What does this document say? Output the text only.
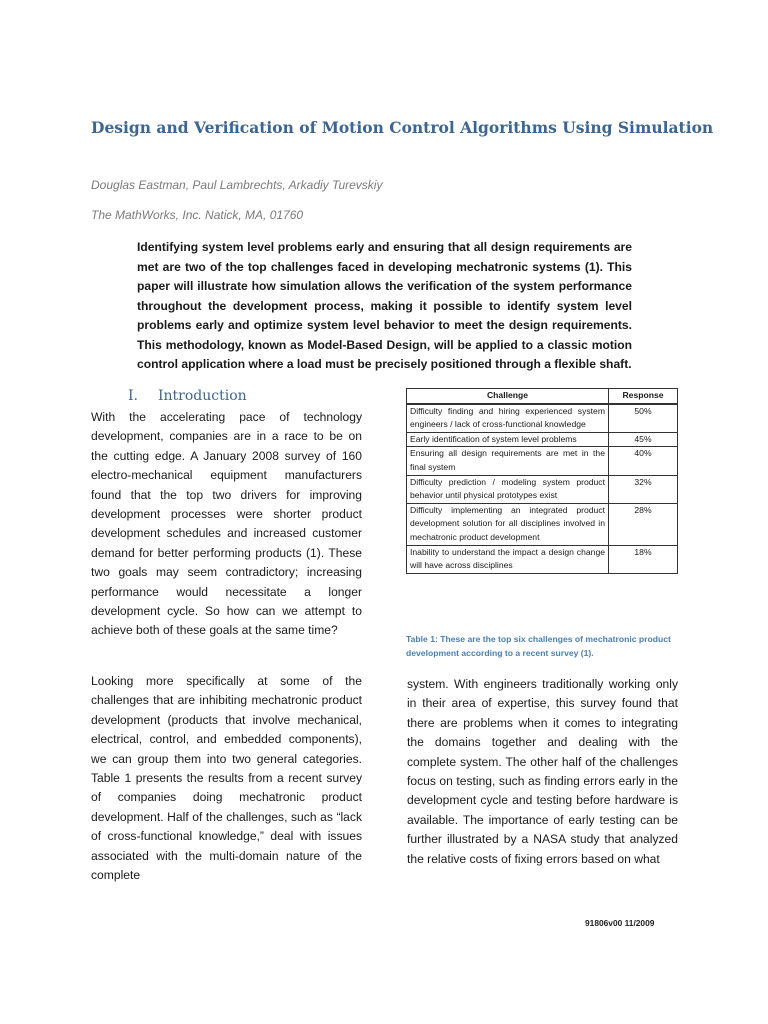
Design and Verification of Motion Control Algorithms Using Simulation
Douglas Eastman, Paul Lambrechts, Arkadiy Turevskiy
The MathWorks, Inc. Natick, MA, 01760

Identifying system level problems early and ensuring that all design requirements are met are two of the top challenges faced in developing mechatronic systems (1). This paper will illustrate how simulation allows the verification of the system performance throughout the development process, making it possible to identify system level problems early and optimize system level behavior to meet the design requirements. This methodology, known as Model-Based Design, will be applied to a classic motion control application where a load must be precisely positioned through a flexible shaft.

I. Introduction

With the accelerating pace of technology development, companies are in a race to be on the cutting edge. A January 2008 survey of 160 electro-mechanical equipment manufacturers found that the top two drivers for improving development processes were shorter product development schedules and increased customer demand for better performing products (1). These two goals may seem contradictory; increasing performance would necessitate a longer development cycle. So how can we attempt to achieve both of these goals at the same time?

Looking more specifically at some of the challenges that are inhibiting mechatronic product development (products that involve mechanical, electrical, control, and embedded components), we can group them into two general categories. Table 1 presents the results from a recent survey of companies doing mechatronic product development. Half of the challenges, such as “lack of cross-functional knowledge,” deal with issues associated with the multi-domain nature of the complete

system. With engineers traditionally working only in their area of expertise, this survey found that there are problems when it comes to integrating the domains together and dealing with the complete system. The other half of the challenges focus on testing, such as finding errors early in the development cycle and testing before hardware is available. The importance of early testing can be further illustrated by a NASA study that analyzed the relative costs of fixing errors based on what

Challenge	Response
Difficulty finding and hiring experienced system engineers / lack of cross-functional knowledge	50%
Early identification of system level problems	45%
Ensuring all design requirements are met in the final system	40%
Difficulty prediction / modeling system product behavior until physical prototypes exist	32%
Difficulty implementing an integrated product development solution for all disciplines involved in mechatronic product development	28%
Inability to understand the impact a design change will have across disciplines	18%

Table 1: These are the top six challenges of mechatronic product development according to a recent survey (1).

91806v00 11/2009
